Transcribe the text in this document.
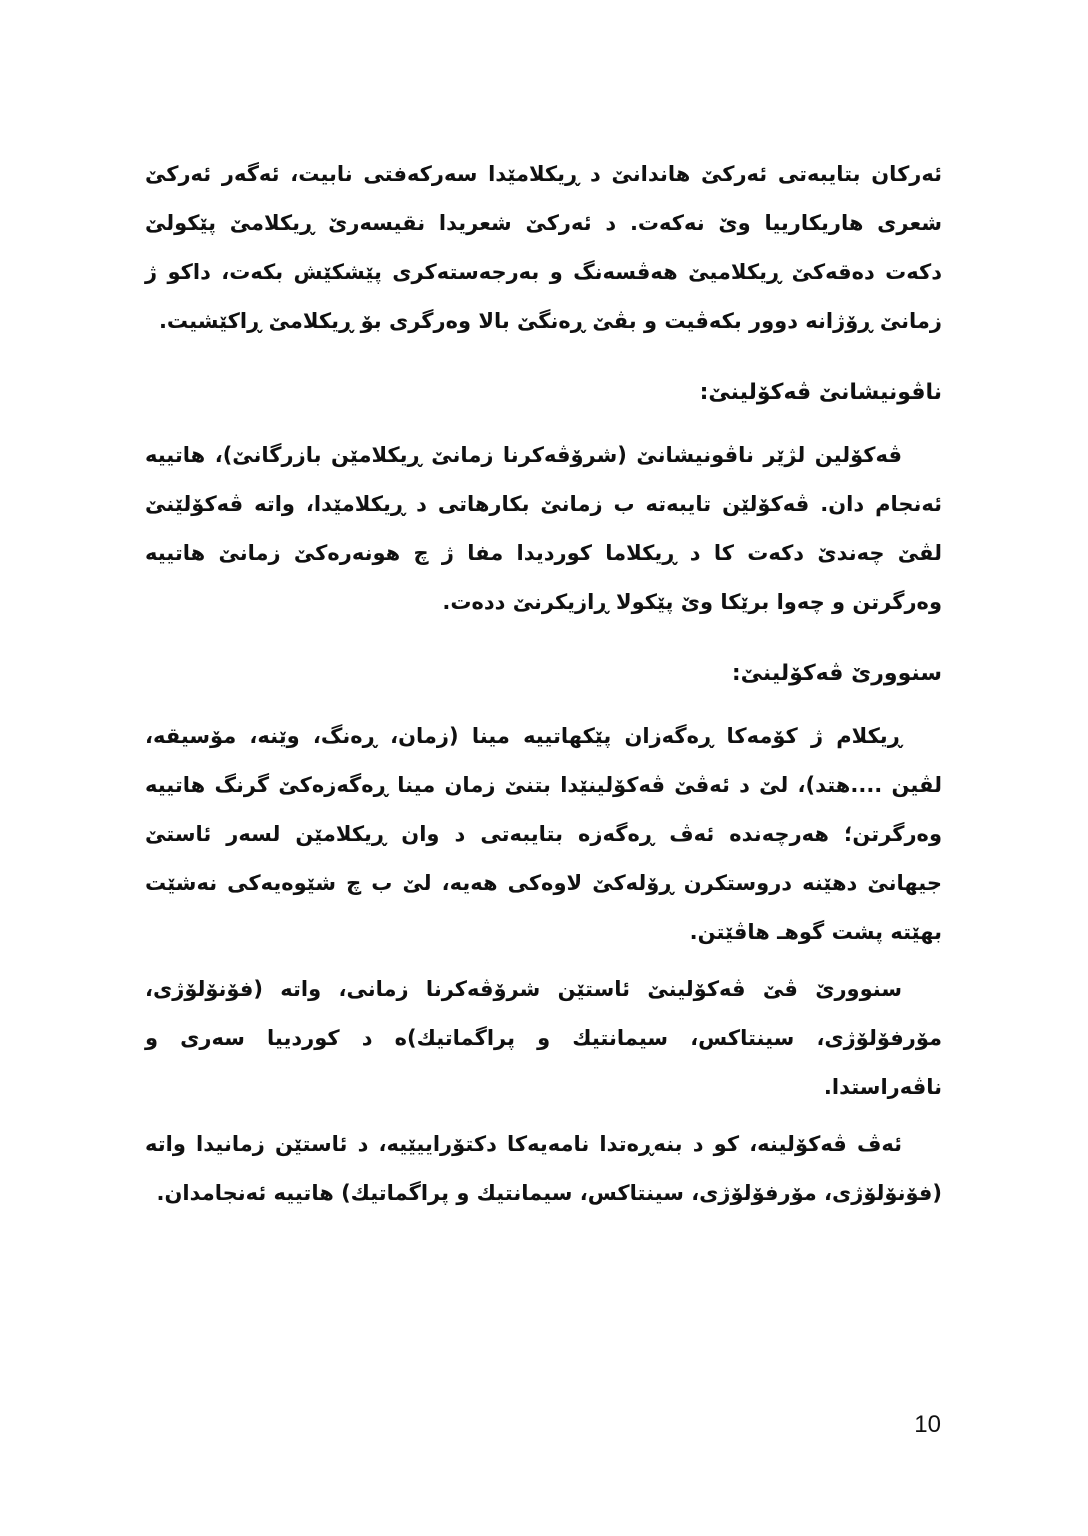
ئەركان بتايبەتی ئەركێ هاندانێ د ڕیكلامێدا سەركەفتی نابیت، ئەگەر ئەركێ شعری هاریكارییا وێ نەكەت. د ئەركێ شعریدا نقیسەرێ ڕیكلامێ پێكولێ دكەت دەقەكێ ڕیكلامیێ هەڤسەنگ و بەرجەستەكری پێشكێش بكەت، داكو ژ زمانێ ڕۆژانە دوور بكەڤیت و بڤێ ڕەنگێ بالا وەرگری بۆ ڕیكلامێ ڕاكێشیت.

ناڤونیشانێ ڤەكۆلینێ:

ڤەكۆلین لژێر ناڤونیشانێ (شرۆڤەكرنا زمانێ ڕیكلامێن بازرگانێ)، هاتییە ئەنجام دان. ڤەكۆلێن تایبەتە ب زمانێ بكارهاتی د ڕیكلامێدا، واتە ڤەكۆلێنێ لڤێ چەندێ دكەت كا د ڕیكلاما كوردیدا مفا ژ چ هونەرەكێ زمانێ هاتییە وەرگرتن و چەوا برێكا وێ پێكولا ڕازیكرنێ ددەت.

سنوورێ ڤەكۆلینێ:

ڕیكلام ژ كۆمەكا ڕەگەزان پێكهاتییە مینا (زمان، ڕەنگ، وێنە، مۆسیقە، لڤین ....هتد)، لێ د ئەڤێ ڤەكۆلینێدا بتنێ زمان مینا ڕەگەزەكێ گرنگ هاتییە وەرگرتن؛ هەرچەندە ئەڤ ڕەگەزە بتایبەتی د وان ڕیكلامێن لسەر ئاستێ جیهانێ دهێنە دروستكرن ڕۆلەكێ لاوەكی هەیە، لێ ب چ شێوەیەكی نەشێت بهێتە پشت گوهـ هاڤێتن.

سنوورێ ڤێ ڤەكۆلینێ ئاستێن شرۆڤەكرنا زمانی، واتە (فۆنۆلۆژی، مۆرفۆلۆژی، سینتاكس، سیمانتیك و پراگماتیك)ە د كوردییا سەری و ناڤەراستدا.

ئەڤ ڤەكۆلینە، كو د بنەڕەتدا نامەیەكا دكتۆراییێیە، د ئاستێن زمانیدا واتە (فۆنۆلۆژی، مۆرفۆلۆژی، سینتاكس، سیمانتیك و پراگماتیك) هاتییە ئەنجامدان.

10
